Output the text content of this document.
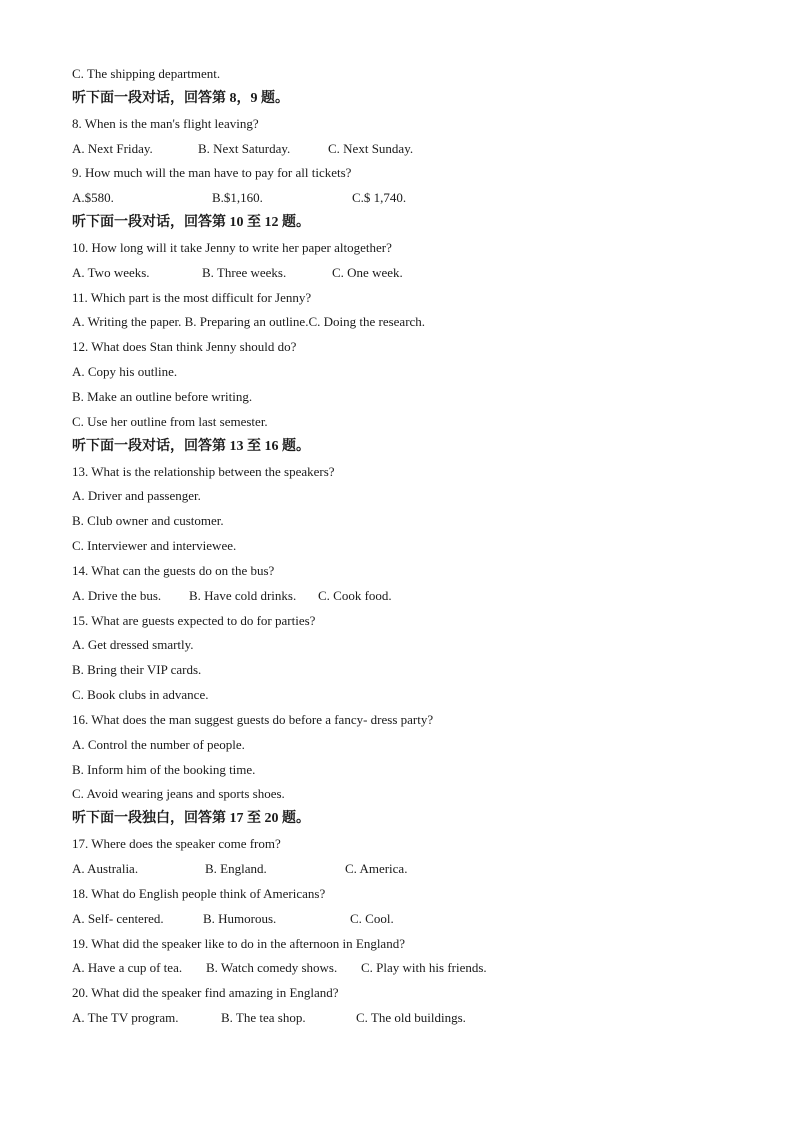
C. The shipping department.
听下面一段对话，回答第 8，9 题。
8. When is the man's flight leaving?
A. Next Friday.	B. Next Saturday.	C. Next Sunday.
9. How much will the man have to pay for all tickets?
A.$580.	B.$1,160.	C.$ 1,740.
听下面一段对话，回答第 10 至 12 题。
10. How long will it take Jenny to write her paper altogether?
A. Two weeks.	B. Three weeks.	C. One week.
11. Which part is the most difficult for Jenny?
A. Writing the paper. B. Preparing an outline.C. Doing the research.
12. What does Stan think Jenny should do?
A. Copy his outline.
B. Make an outline before writing.
C. Use her outline from last semester.
听下面一段对话，回答第 13 至 16 题。
13. What is the relationship between the speakers?
A. Driver and passenger.
B. Club owner and customer.
C. Interviewer and interviewee.
14. What can the guests do on the bus?
A. Drive the bus. B. Have cold drinks. C. Cook food.
15. What are guests expected to do for parties?
A. Get dressed smartly.
B. Bring their VIP cards.
C. Book clubs in advance.
16. What does the man suggest guests do before a fancy- dress party?
A. Control the number of people.
B. Inform him of the booking time.
C. Avoid wearing jeans and sports shoes.
听下面一段独白，回答第 17 至 20 题。
17. Where does the speaker come from?
A. Australia.	B. England.	C. America.
18. What do English people think of Americans?
A. Self- centered.	B. Humorous.	C. Cool.
19. What did the speaker like to do in the afternoon in England?
A. Have a cup of tea. B. Watch comedy shows. C. Play with his friends.
20. What did the speaker find amazing in England?
A. The TV program.	B. The tea shop.	C. The old buildings.
